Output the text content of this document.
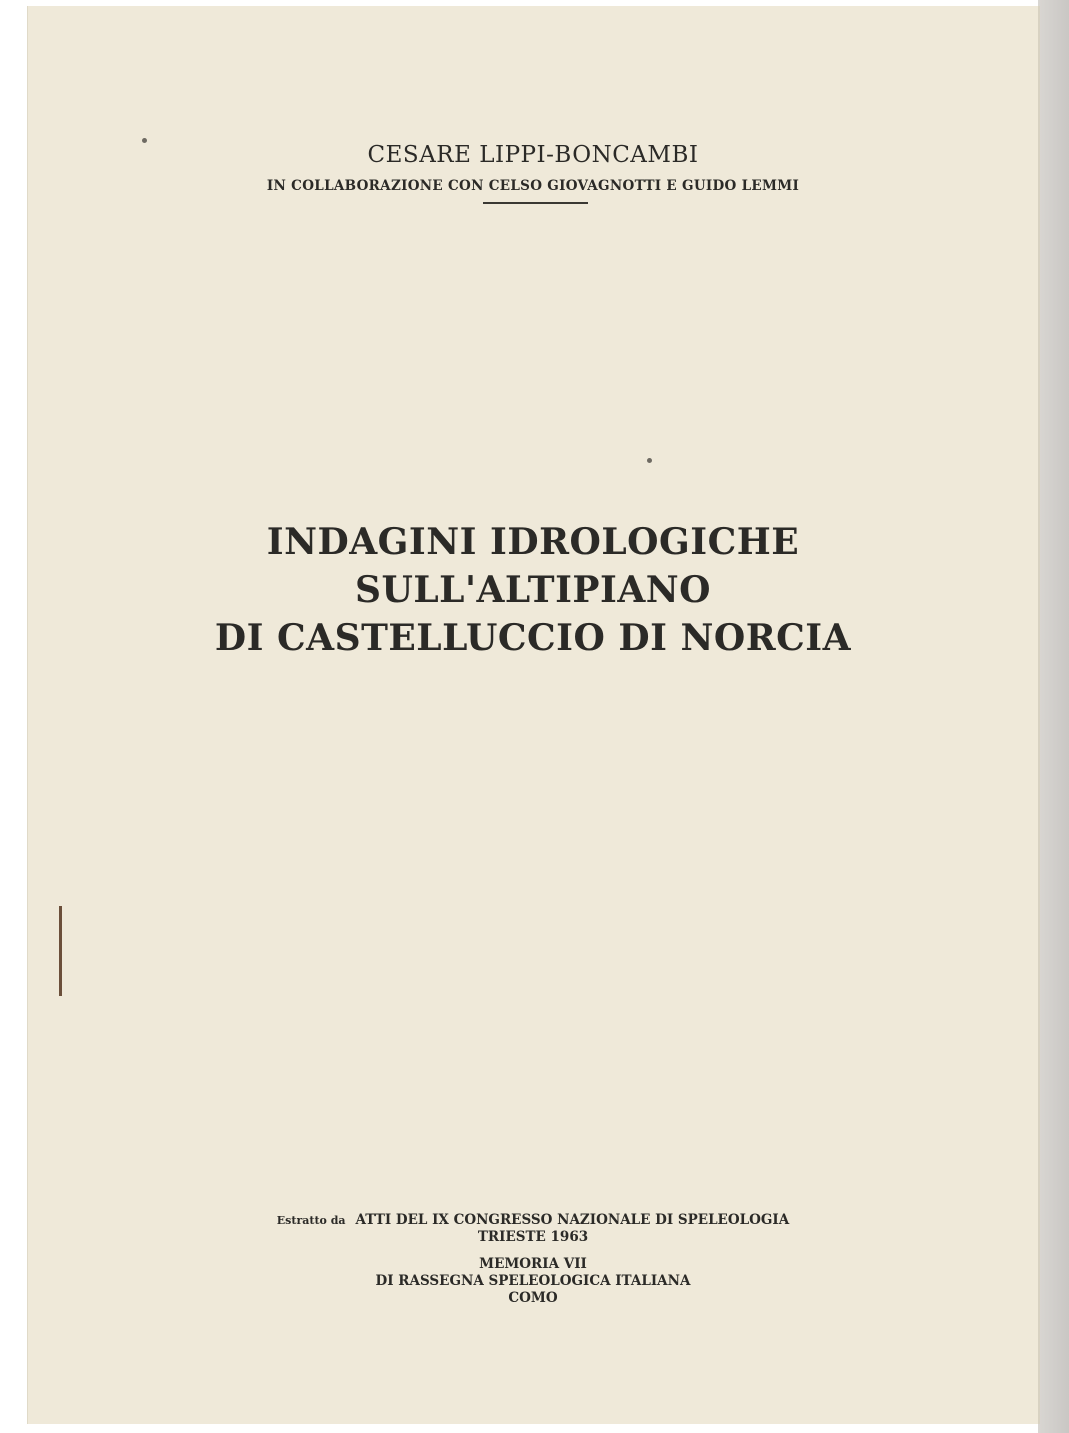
CESARE LIPPI-BONCAMBI
IN COLLABORAZIONE CON CELSO GIOVAGNOTTI E GUIDO LEMMI
INDAGINI IDROLOGICHE
SULL'ALTIPIANO
DI CASTELLUCCIO DI NORCIA
Estratto da ATTI DEL IX CONGRESSO NAZIONALE DI SPELEOLOGIA
TRIESTE 1963
MEMORIA VII
DI RASSEGNA SPELEOLOGICA ITALIANA
COMO
